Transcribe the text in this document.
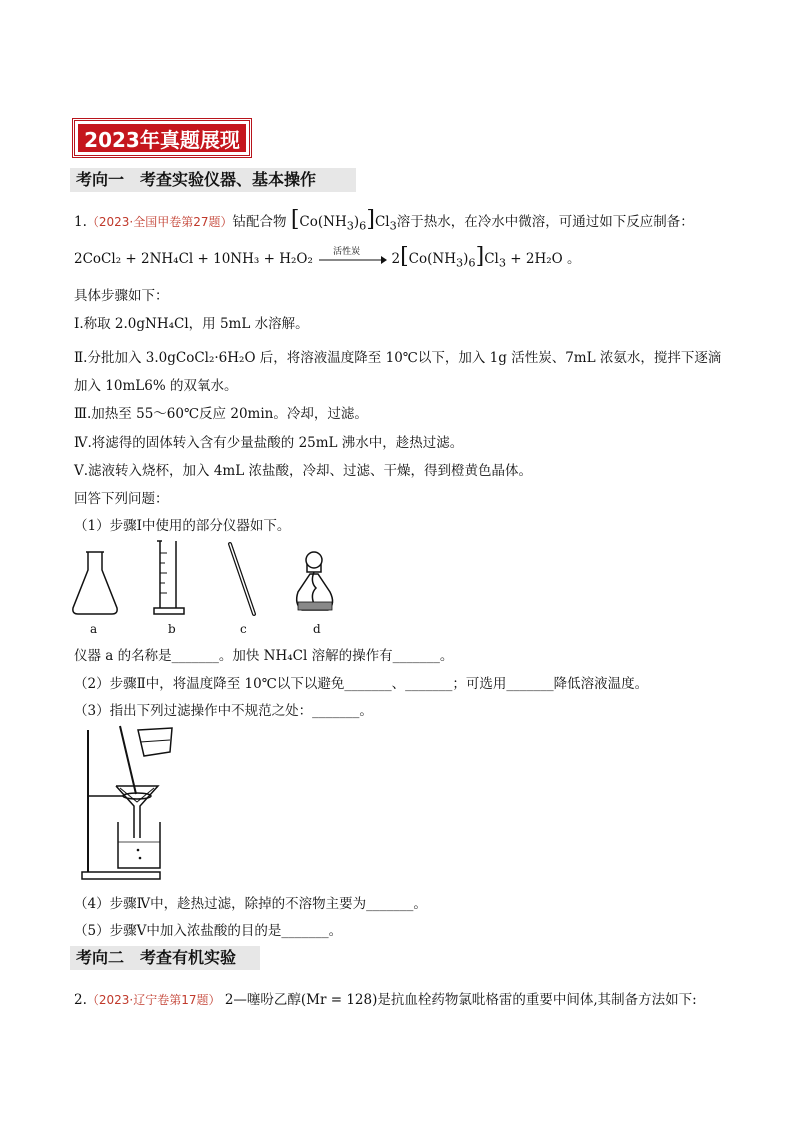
2023年真题展现
考向一　考查实验仪器、基本操作
1.（2023·全国甲卷第27题）钴配合物 $[Co(NH_3)_6]Cl_3$溶于热水，在冷水中微溶，可通过如下反应制备：
2CoCl₂ + 2NH₄Cl + 10NH₃ + H₂O₂ 活性炭 $2[Co(NH_3)_6]Cl_3 + 2H_2O$ 。
具体步骤如下：
Ⅰ.称取 2.0gNH₄Cl，用 5mL 水溶解。
Ⅱ.分批加入 3.0gCoCl₂·6H₂O 后，将溶液温度降至 10℃以下，加入 1g 活性炭、7mL 浓氨水，搅拌下逐滴
加入 10mL6% 的双氧水。
Ⅲ.加热至 55～60℃反应 20min。冷却，过滤。
Ⅳ.将滤得的固体转入含有少量盐酸的 25mL 沸水中，趁热过滤。
Ⅴ.滤液转入烧杯，加入 4mL 浓盐酸，冷却、过滤、干燥，得到橙黄色晶体。
回答下列问题：
（1）步骤Ⅰ中使用的部分仪器如下。
a	b	c	d
仪器 a 的名称是_______。加快 NH₄Cl 溶解的操作有_______。
（2）步骤Ⅱ中，将温度降至 10℃以下以避免_______、_______；可选用_______降低溶液温度。
（3）指出下列过滤操作中不规范之处：_______。
（4）步骤Ⅳ中，趁热过滤，除掉的不溶物主要为_______。
（5）步骤Ⅴ中加入浓盐酸的目的是_______。
考向二　考查有机实验
2.（2023·辽宁卷第17题） 2—噻吩乙醇(Mr = 128)是抗血栓药物氯吡格雷的重要中间体,其制备方法如下:
